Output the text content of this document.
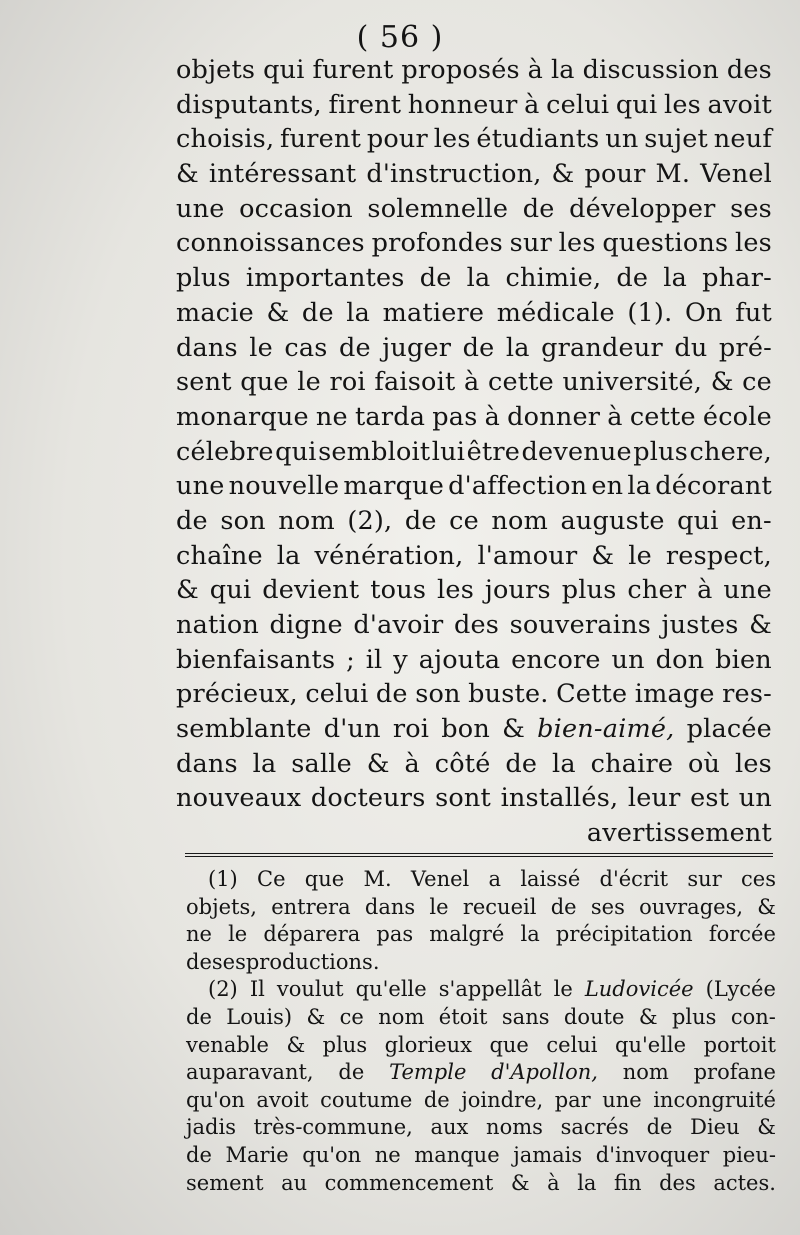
( 56 )
objets qui furent proposés à la discussion des
disputants, firent honneur à celui qui les avoit
choisis, furent pour les étudiants un sujet neuf
& intéressant d'instruction, & pour M. Venel
une occasion solemnelle de développer ses
connoissances profondes sur les questions les
plus importantes de la chimie, de la phar-
macie & de la matiere médicale (1). On fut
dans le cas de juger de la grandeur du pré-
sent que le roi faisoit à cette université, & ce
monarque ne tarda pas à donner à cette école
célebre qui sembloit lui être devenue plus chere,
une nouvelle marque d'affection en la décorant
de son nom (2), de ce nom auguste qui en-
chaîne la vénération, l'amour & le respect,
& qui devient tous les jours plus cher à une
nation digne d'avoir des souverains justes &
bienfaisants ; il y ajouta encore un don bien
précieux, celui de son buste. Cette image res-
semblante d'un roi bon & bien-aimé, placée
dans la salle & à côté de la chaire où les
nouveaux docteurs sont installés, leur est un
avertissement
(1) Ce que M. Venel a laissé d'écrit sur ces
objets, entrera dans le recueil de ses ouvrages, &
ne le déparera pas malgré la précipitation forcée
de ses productions.
(2) Il voulut qu'elle s'appellât le Ludovicée (Lycée
de Louis) & ce nom étoit sans doute & plus con-
venable & plus glorieux que celui qu'elle portoit
auparavant, de Temple d'Apollon, nom profane
qu'on avoit coutume de joindre, par une incongruité
jadis très-commune, aux noms sacrés de Dieu &
de Marie qu'on ne manque jamais d'invoquer pieu-
sement au commencement & à la fin des actes.
